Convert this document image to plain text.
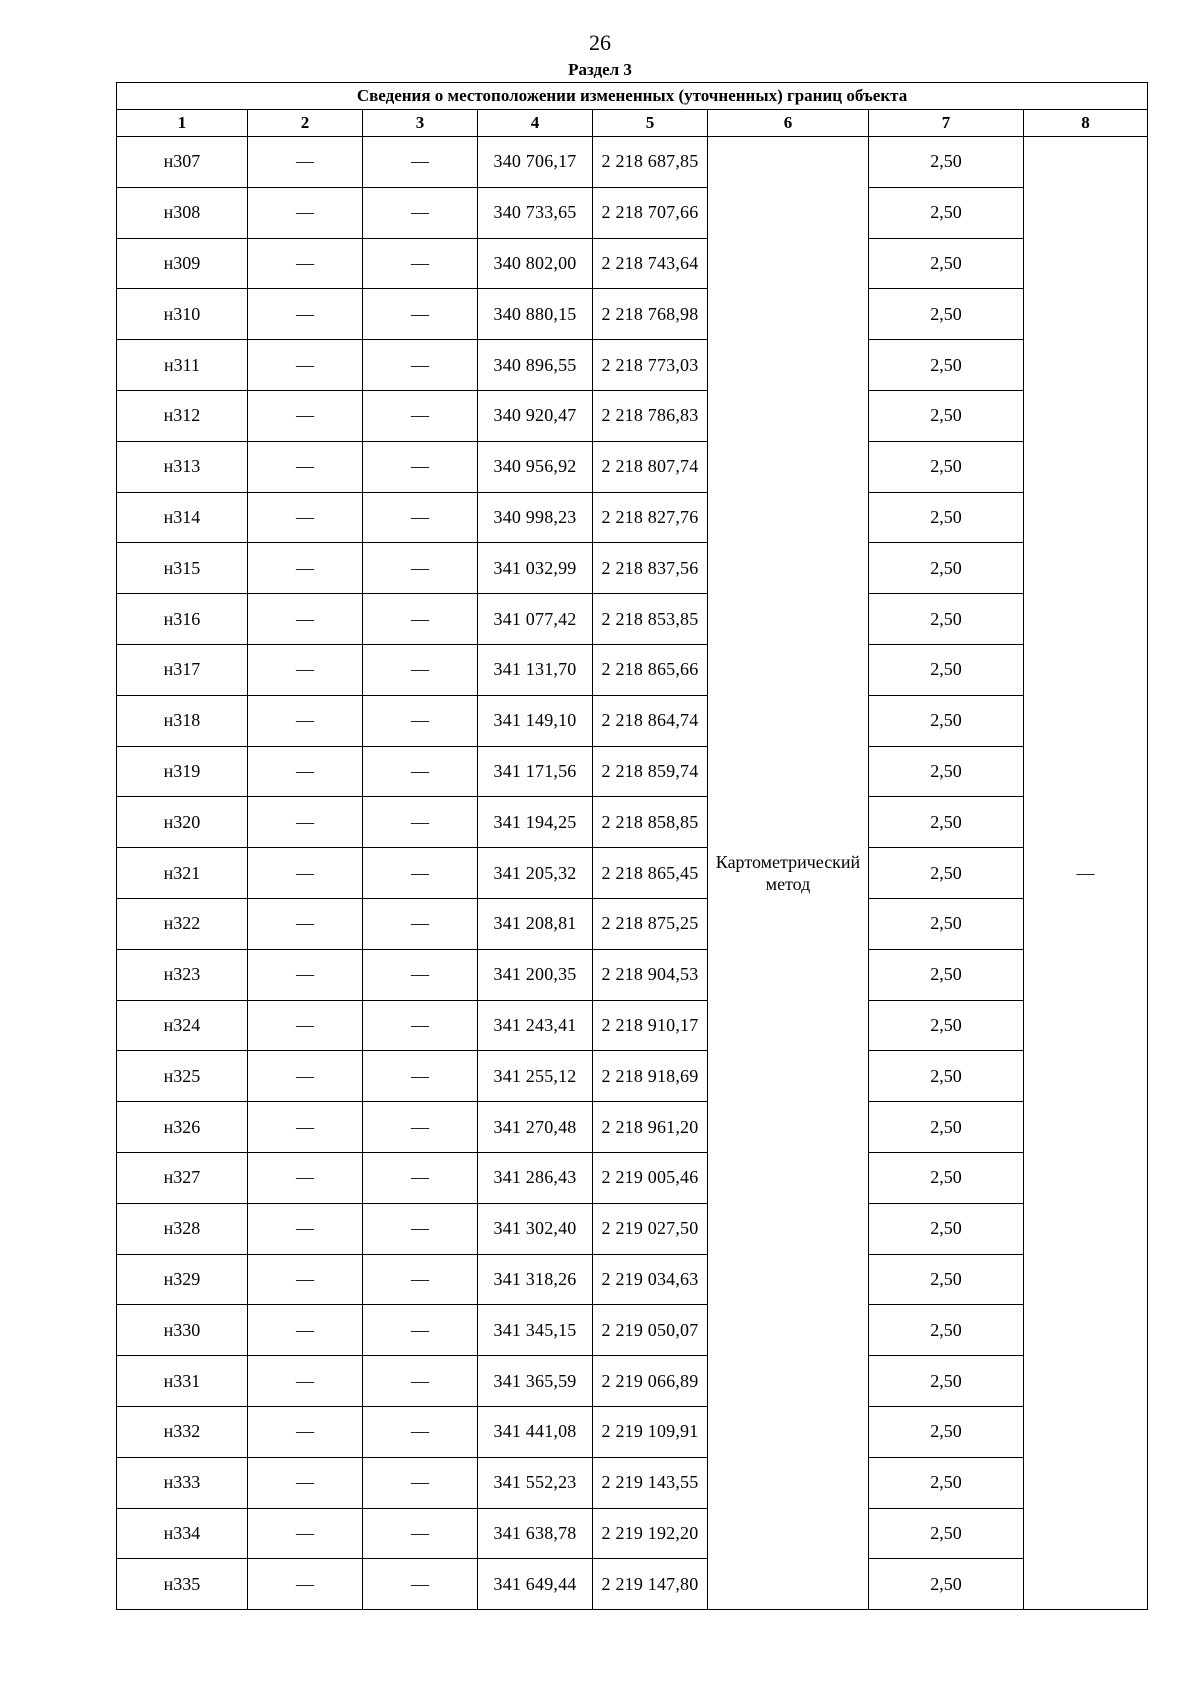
26
Раздел 3
Сведения о местоположении измененных (уточненных) границ объекта							
1	2	3	4	5	6	7	8
н307	—	—	340 706,17	2 218 687,85	Картометрический метод	2,50	—
н308	—	—	340 733,65	2 218 707,66		2,50	
н309	—	—	340 802,00	2 218 743,64		2,50	
н310	—	—	340 880,15	2 218 768,98		2,50	
н311	—	—	340 896,55	2 218 773,03		2,50	
н312	—	—	340 920,47	2 218 786,83		2,50	
н313	—	—	340 956,92	2 218 807,74		2,50	
н314	—	—	340 998,23	2 218 827,76		2,50	
н315	—	—	341 032,99	2 218 837,56		2,50	
н316	—	—	341 077,42	2 218 853,85		2,50	
н317	—	—	341 131,70	2 218 865,66		2,50	
н318	—	—	341 149,10	2 218 864,74		2,50	
н319	—	—	341 171,56	2 218 859,74		2,50	
н320	—	—	341 194,25	2 218 858,85		2,50	
н321	—	—	341 205,32	2 218 865,45		2,50	
н322	—	—	341 208,81	2 218 875,25		2,50	
н323	—	—	341 200,35	2 218 904,53		2,50	
н324	—	—	341 243,41	2 218 910,17		2,50	
н325	—	—	341 255,12	2 218 918,69		2,50	
н326	—	—	341 270,48	2 218 961,20		2,50	
н327	—	—	341 286,43	2 219 005,46		2,50	
н328	—	—	341 302,40	2 219 027,50		2,50	
н329	—	—	341 318,26	2 219 034,63		2,50	
н330	—	—	341 345,15	2 219 050,07		2,50	
н331	—	—	341 365,59	2 219 066,89		2,50	
н332	—	—	341 441,08	2 219 109,91		2,50	
н333	—	—	341 552,23	2 219 143,55		2,50	
н334	—	—	341 638,78	2 219 192,20		2,50	
н335	—	—	341 649,44	2 219 147,80		2,50	
